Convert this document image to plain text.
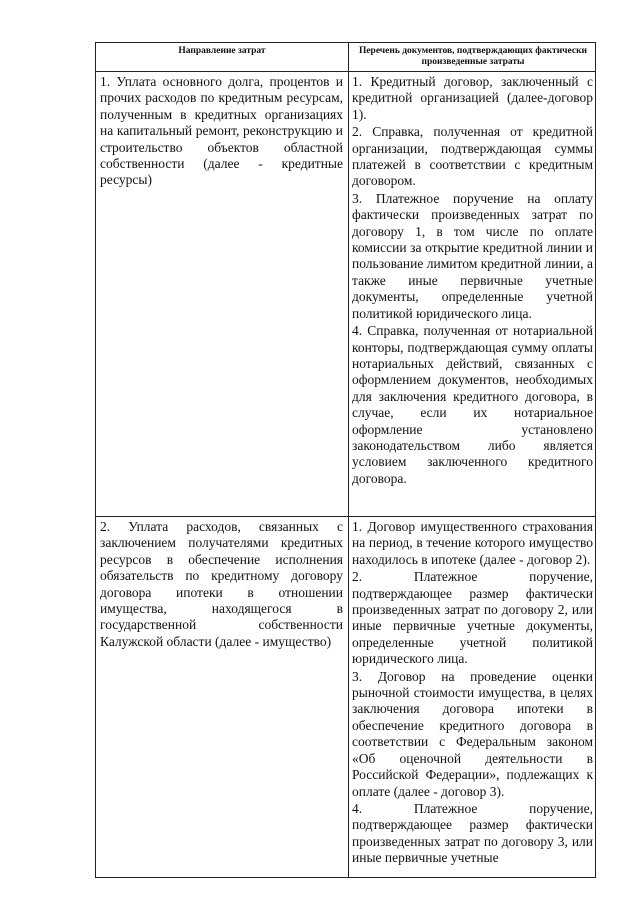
Направление затрат	Перечень документов, подтверждающих фактически произведенные затраты

1. Уплата основного долга, процентов и прочих расходов по кредитным ресурсам, полученным в кредитных организациях на капитальный ремонт, реконструкцию и строительство объектов областной собственности (далее - кредитные ресурсы)

1. Кредитный договор, заключенный с кредитной организацией (далее-договор 1).

2. Справка, полученная от кредитной организации, подтверждающая суммы платежей в соответствии с кредитным договором.

3. Платежное поручение на оплату фактически произведенных затрат по договору 1, в том числе по оплате комиссии за открытие кредитной линии и пользование лимитом кредитной линии, а также иные первичные учетные документы, определенные учетной политикой юридического лица.

4. Справка, полученная от нотариальной конторы, подтверждающая сумму оплаты нотариальных действий, связанных с оформлением документов, необходимых для заключения кредитного договора, в случае, если их нотариальное оформление установлено законодательством либо является условием заключенного кредитного договора.

2. Уплата расходов, связанных с заключением получателями кредитных ресурсов в обеспечение исполнения обязательств по кредитному договору договора ипотеки в отношении имущества, находящегося в государственной собственности Калужской области (далее - имущество)

1. Договор имущественного страхования на период, в течение которого имущество находилось в ипотеке (далее - договор 2).

2. Платежное поручение, подтверждающее размер фактически произведенных затрат по договору 2, или иные первичные учетные документы, определенные учетной политикой юридического лица.

3. Договор на проведение оценки рыночной стоимости имущества, в целях заключения договора ипотеки в обеспечение кредитного договора в соответствии с Федеральным законом «Об оценочной деятельности в Российской Федерации», подлежащих к оплате (далее - договор 3).

4. Платежное поручение, подтверждающее размер фактически произведенных затрат по договору 3, или иные первичные учетные
